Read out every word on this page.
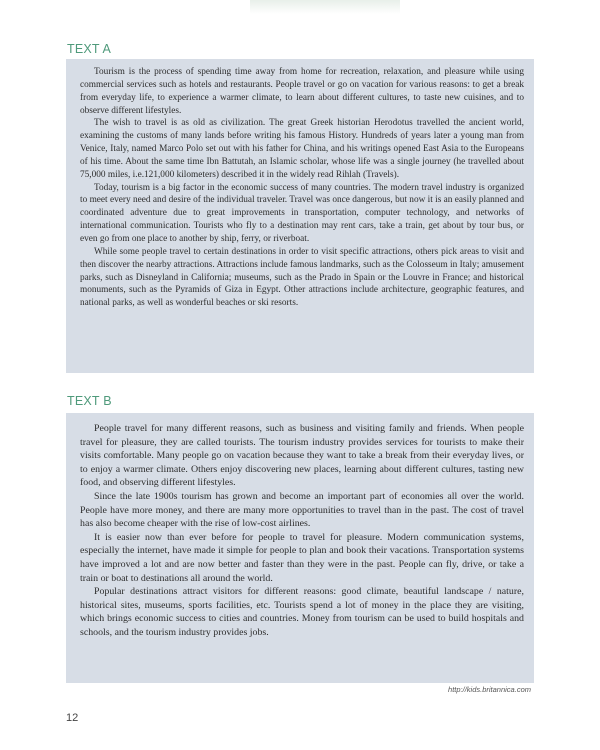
TEXT A

Tourism is the process of spending time away from home for recreation, relaxation, and pleasure while using commercial services such as hotels and restaurants. People travel or go on vacation for various reasons: to get a break from everyday life, to experience a warmer climate, to learn about different cultures, to taste new cuisines, and to observe different lifestyles.

The wish to travel is as old as civilization. The great Greek historian Herodotus travelled the ancient world, examining the customs of many lands before writing his famous History. Hundreds of years later a young man from Venice, Italy, named Marco Polo set out with his father for China, and his writings opened East Asia to the Europeans of his time. About the same time Ibn Battutah, an Islamic scholar, whose life was a single journey (he travelled about 75,000 miles, i.e.121,000 kilometers) described it in the widely read Rihlah (Travels).

Today, tourism is a big factor in the economic success of many countries. The modern travel industry is organized to meet every need and desire of the individual traveler. Travel was once dangerous, but now it is an easily planned and coordinated adventure due to great improvements in transportation, computer technology, and networks of international communication. Tourists who fly to a destination may rent cars, take a train, get about by tour bus, or even go from one place to another by ship, ferry, or riverboat.

While some people travel to certain destinations in order to visit specific attractions, others pick areas to visit and then discover the nearby attractions. Attractions include famous landmarks, such as the Colosseum in Italy; amusement parks, such as Disneyland in California; museums, such as the Prado in Spain or the Louvre in France; and historical monuments, such as the Pyramids of Giza in Egypt. Other attractions include architecture, geographic features, and national parks, as well as wonderful beaches or ski resorts.

TEXT B

People travel for many different reasons, such as business and visiting family and friends. When people travel for pleasure, they are called tourists. The tourism industry provides services for tourists to make their visits comfortable. Many people go on vacation because they want to take a break from their everyday lives, or to enjoy a warmer climate. Others enjoy discovering new places, learning about different cultures, tasting new food, and observing different lifestyles.

Since the late 1900s tourism has grown and become an important part of economies all over the world. People have more money, and there are many more opportunities to travel than in the past. The cost of travel has also become cheaper with the rise of low-cost airlines.

It is easier now than ever before for people to travel for pleasure. Modern communication systems, especially the internet, have made it simple for people to plan and book their vacations. Transportation systems have improved a lot and are now better and faster than they were in the past. People can fly, drive, or take a train or boat to destinations all around the world.

Popular destinations attract visitors for different reasons: good climate, beautiful landscape / nature, historical sites, museums, sports facilities, etc. Tourists spend a lot of money in the place they are visiting, which brings economic success to cities and countries. Money from tourism can be used to build hospitals and schools, and the tourism industry provides jobs.

http://kids.britannica.com
12
